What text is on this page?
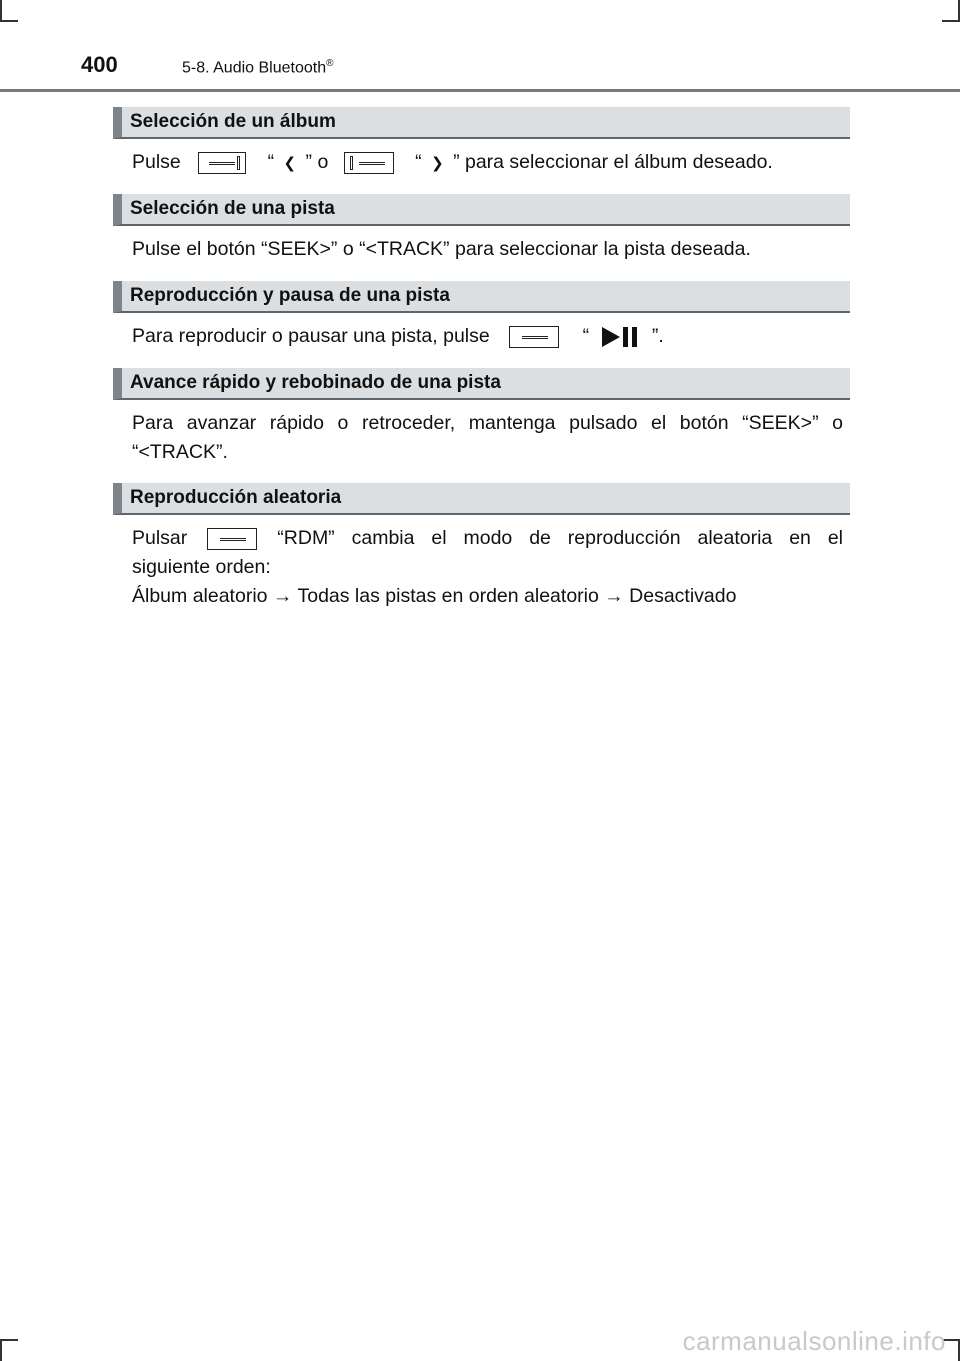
400	5-8. Audio Bluetooth®
Selección de un álbum
Pulse	“ ❮ ” o	“ ❯ ” para seleccionar el álbum deseado.
Selección de una pista
Pulse el botón “SEEK>” o “<TRACK” para seleccionar la pista deseada.
Reproducción y pausa de una pista
Para reproducir o pausar una pista, pulse	“	”.
Avance rápido y rebobinado de una pista
Para avanzar rápido o retroceder, mantenga pulsado el botón “SEEK>” o
“<TRACK”.
Reproducción aleatoria
Pulsar	“RDM” cambia el modo de reproducción aleatoria en el
siguiente orden:
Álbum aleatorio → Todas las pistas en orden aleatorio → Desactivado
carmanualsonline.info
